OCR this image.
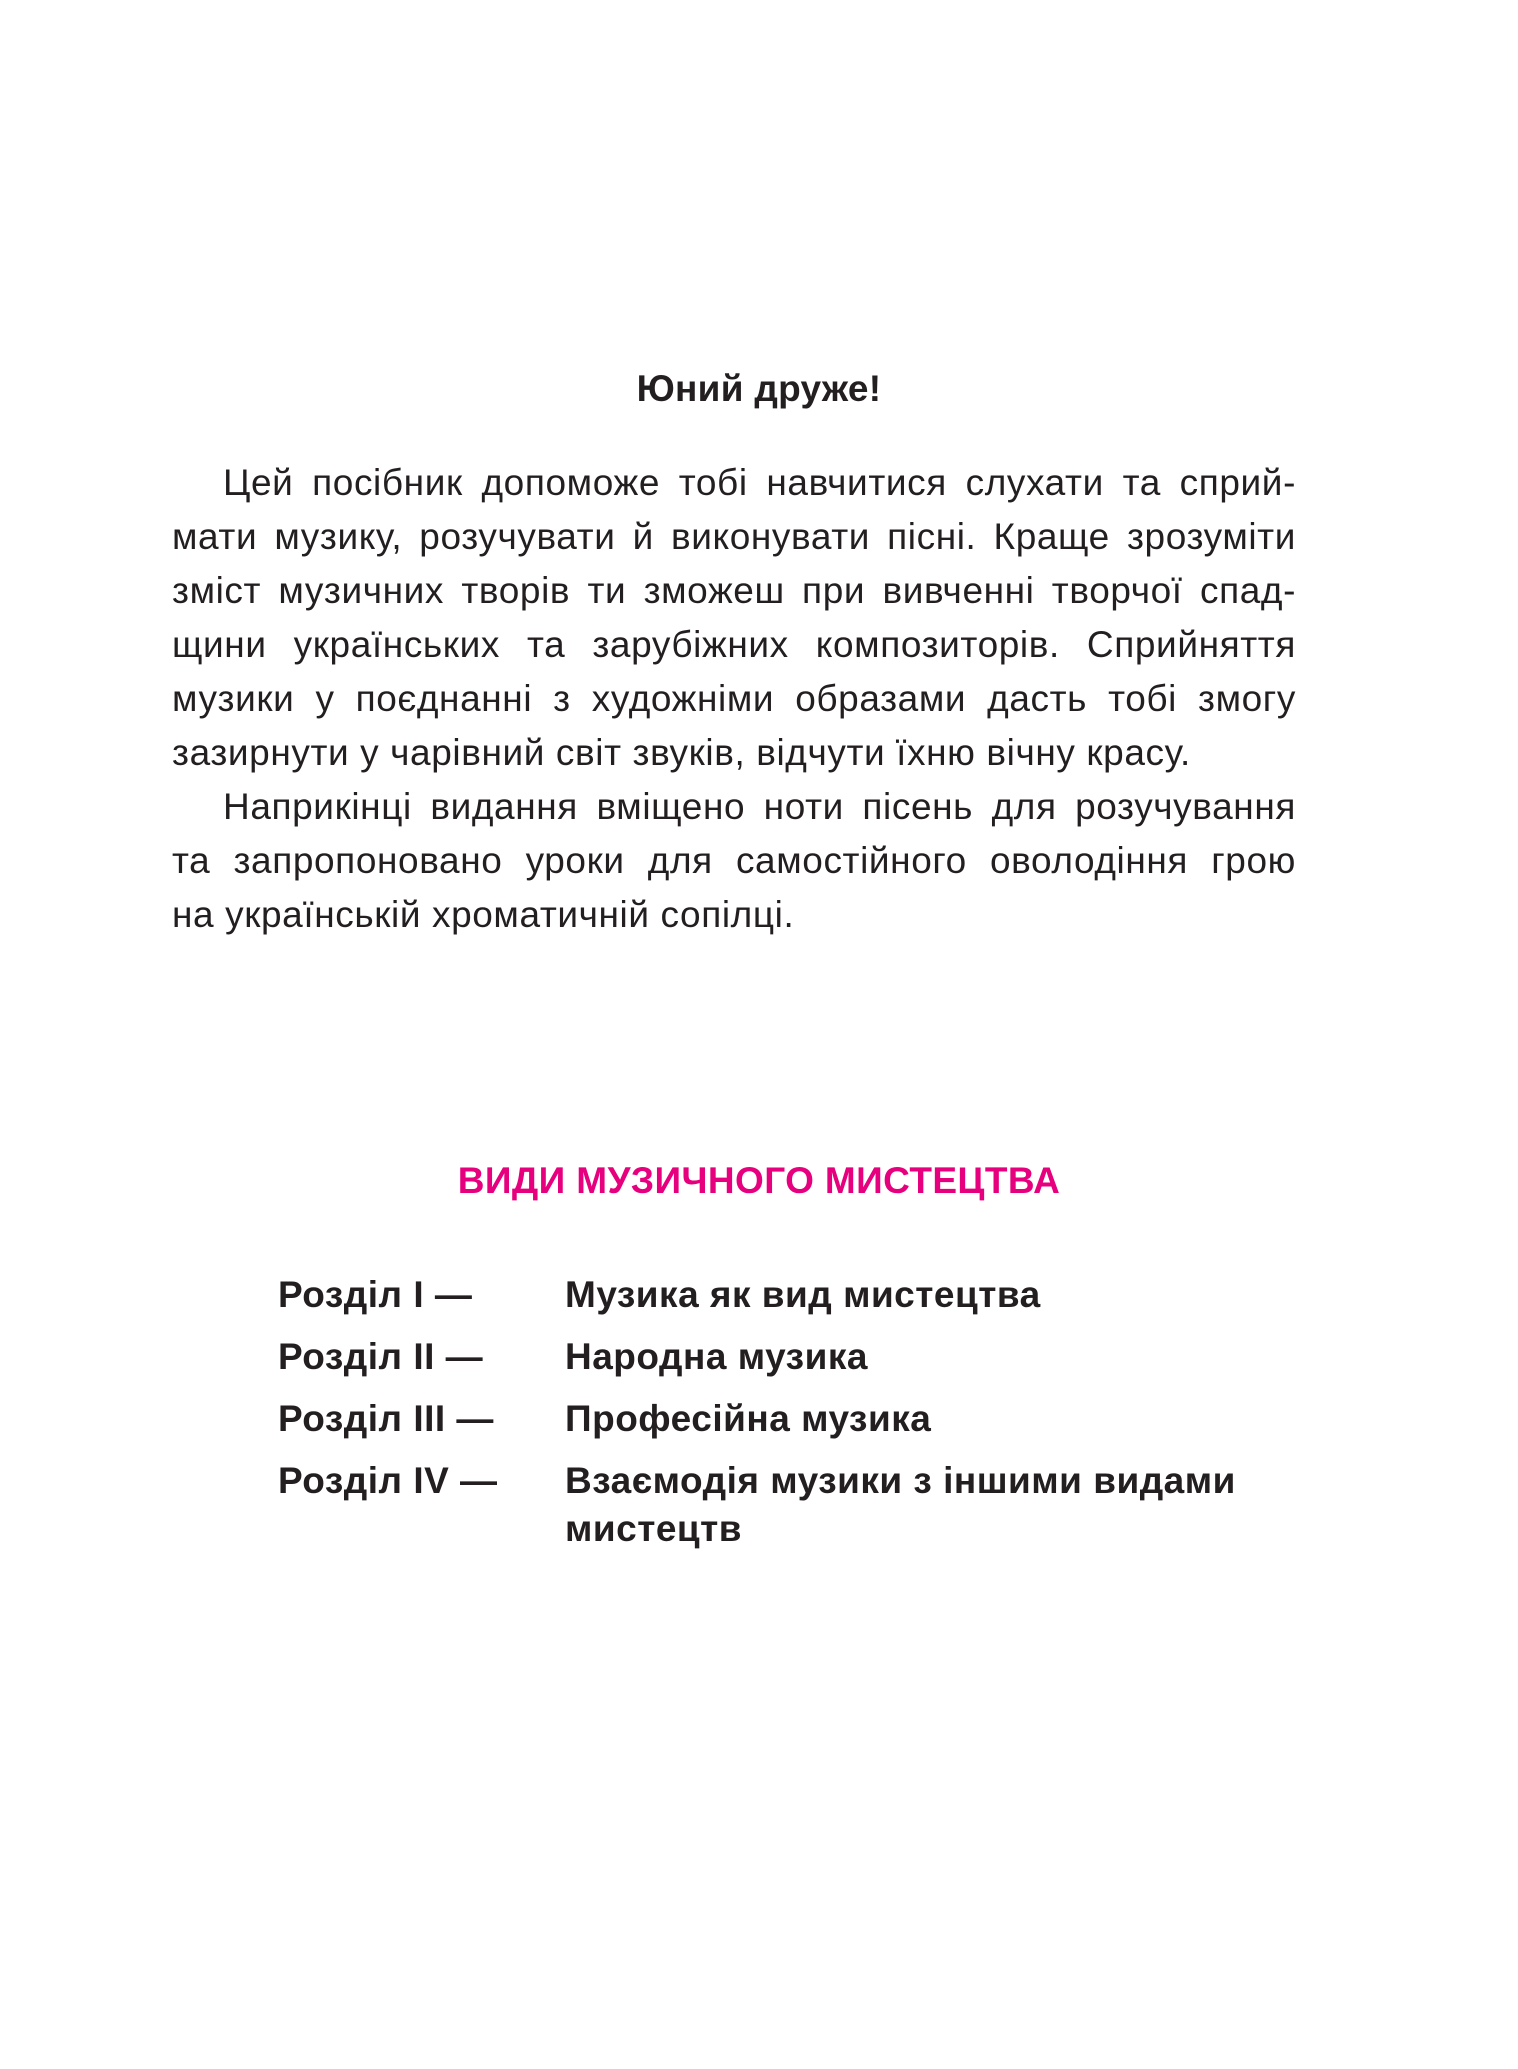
Юний друже!
Цей посібник допоможе тобі навчитися слухати та сприй-
мати музику, розучувати й виконувати пісні. Краще зрозуміти
зміст музичних творів ти зможеш при вивченні творчої спад-
щини українських та зарубіжних композиторів. Сприйняття
музики у поєднанні з художніми образами дасть тобі змогу
зазирнути у чарівний світ звуків, відчути їхню вічну красу.
Наприкінці видання вміщено ноти пісень для розучування
та запропоновано уроки для самостійного оволодіння грою
на українській хроматичній сопілці.
ВИДИ МУЗИЧНОГО МИСТЕЦТВА
Розділ І —	Музика як вид мистецтва
Розділ ІІ —	Народна музика
Розділ ІІІ —	Професійна музика
Розділ IV —	Взаємодія музики з іншими видами
мистецтв
